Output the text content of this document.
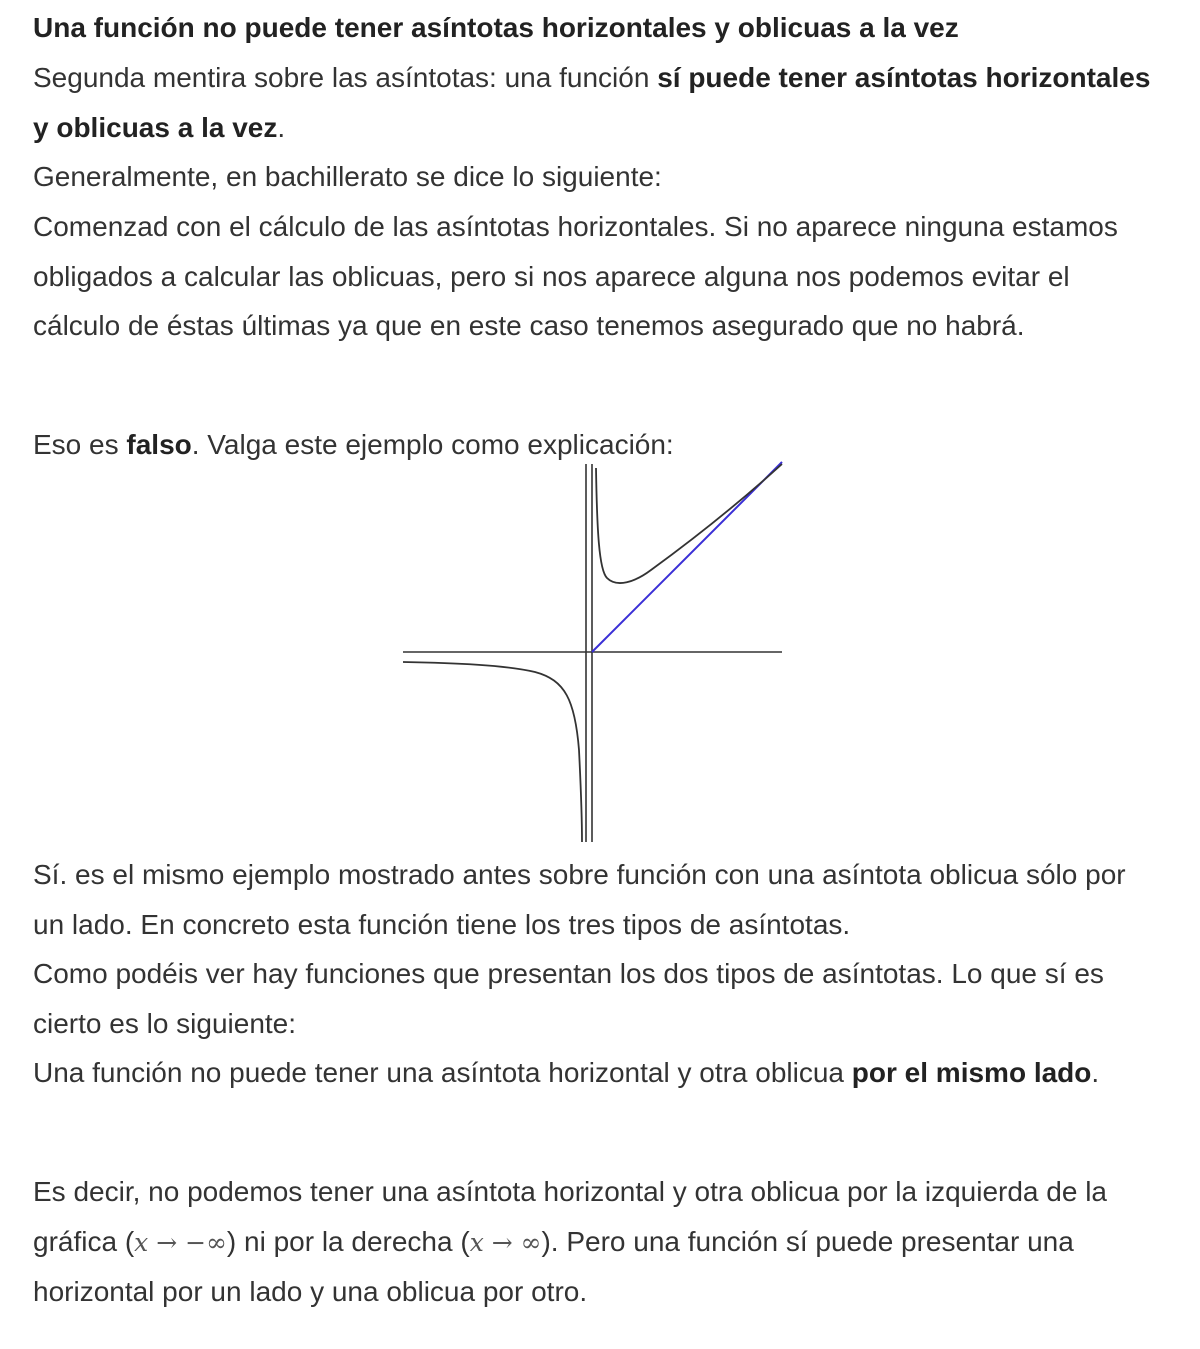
Una función no puede tener asíntotas horizontales y oblicuas a la vez

Segunda mentira sobre las asíntotas: una función sí puede tener asíntotas horizontales y oblicuas a la vez.

Generalmente, en bachillerato se dice lo siguiente:

Comenzad con el cálculo de las asíntotas horizontales. Si no aparece ninguna estamos obligados a calcular las oblicuas, pero si nos aparece alguna nos podemos evitar el cálculo de éstas últimas ya que en este caso tenemos asegurado que no habrá.

Eso es falso. Valga este ejemplo como explicación:

Sí. es el mismo ejemplo mostrado antes sobre función con una asíntota oblicua sólo por un lado. En concreto esta función tiene los tres tipos de asíntotas.

Como podéis ver hay funciones que presentan los dos tipos de asíntotas. Lo que sí es cierto es lo siguiente:

Una función no puede tener una asíntota horizontal y otra oblicua por el mismo lado.

Es decir, no podemos tener una asíntota horizontal y otra oblicua por la izquierda de la gráfica (x → −∞) ni por la derecha (x → ∞). Pero una función sí puede presentar una horizontal por un lado y una oblicua por otro.
